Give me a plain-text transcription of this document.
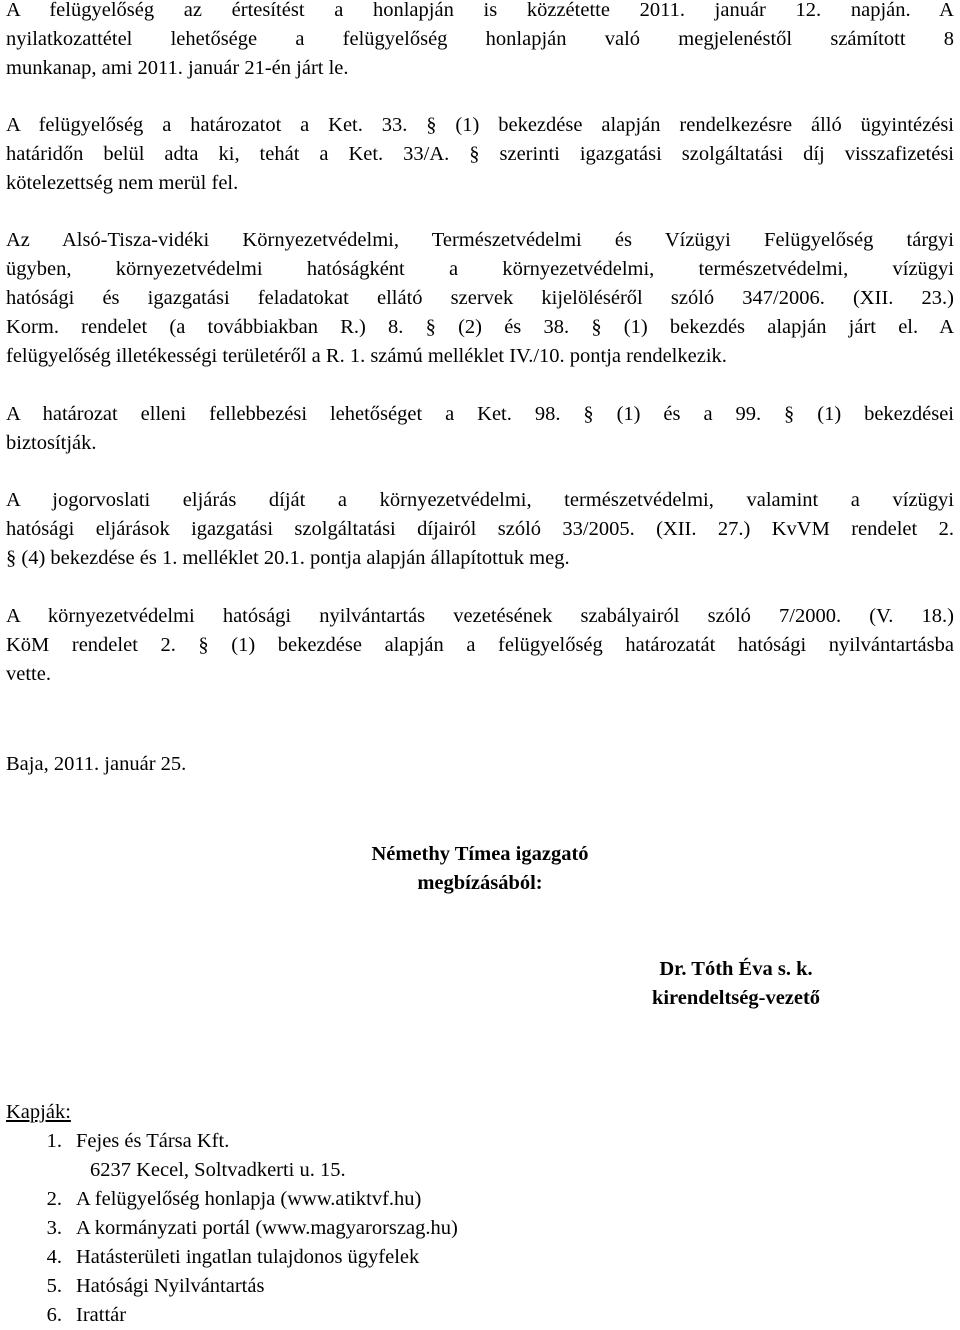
A felügyelőség az értesítést a honlapján is közzétette 2011. január 12. napján. A
nyilatkozattétel lehetősége a felügyelőség honlapján való megjelenéstől számított 8
munkanap, ami 2011. január 21-én járt le.
A felügyelőség a határozatot a Ket. 33. § (1) bekezdése alapján rendelkezésre álló ügyintézési
határidőn belül adta ki, tehát a Ket. 33/A. § szerinti igazgatási szolgáltatási díj visszafizetési
kötelezettség nem merül fel.
Az Alsó-Tisza-vidéki Környezetvédelmi, Természetvédelmi és Vízügyi Felügyelőség tárgyi
ügyben, környezetvédelmi hatóságként a környezetvédelmi, természetvédelmi, vízügyi
hatósági és igazgatási feladatokat ellátó szervek kijelöléséről szóló 347/2006. (XII. 23.)
Korm. rendelet (a továbbiakban R.) 8. § (2) és 38. § (1) bekezdés alapján járt el. A
felügyelőség illetékességi területéről a R. 1. számú melléklet IV./10. pontja rendelkezik.
A határozat elleni fellebbezési lehetőséget a Ket. 98. § (1) és a 99. § (1) bekezdései
biztosítják.
A jogorvoslati eljárás díját a környezetvédelmi, természetvédelmi, valamint a vízügyi
hatósági eljárások igazgatási szolgáltatási díjairól szóló 33/2005. (XII. 27.) KvVM rendelet 2.
§ (4) bekezdése és 1. melléklet 20.1. pontja alapján állapítottuk meg.
A környezetvédelmi hatósági nyilvántartás vezetésének szabályairól szóló 7/2000. (V. 18.)
KöM rendelet 2. § (1) bekezdése alapján a felügyelőség határozatát hatósági nyilvántartásba
vette.
Baja, 2011. január 25.
Némethy Tímea igazgató
megbízásából:
Dr. Tóth Éva s. k.
kirendeltség-vezető
Kapják:
1. Fejes és Társa Kft.
6237 Kecel, Soltvadkerti u. 15.
2. A felügyelőség honlapja (www.atiktvf.hu)
3. A kormányzati portál (www.magyarorszag.hu)
4. Hatásterületi ingatlan tulajdonos ügyfelek
5. Hatósági Nyilvántartás
6. Irattár
